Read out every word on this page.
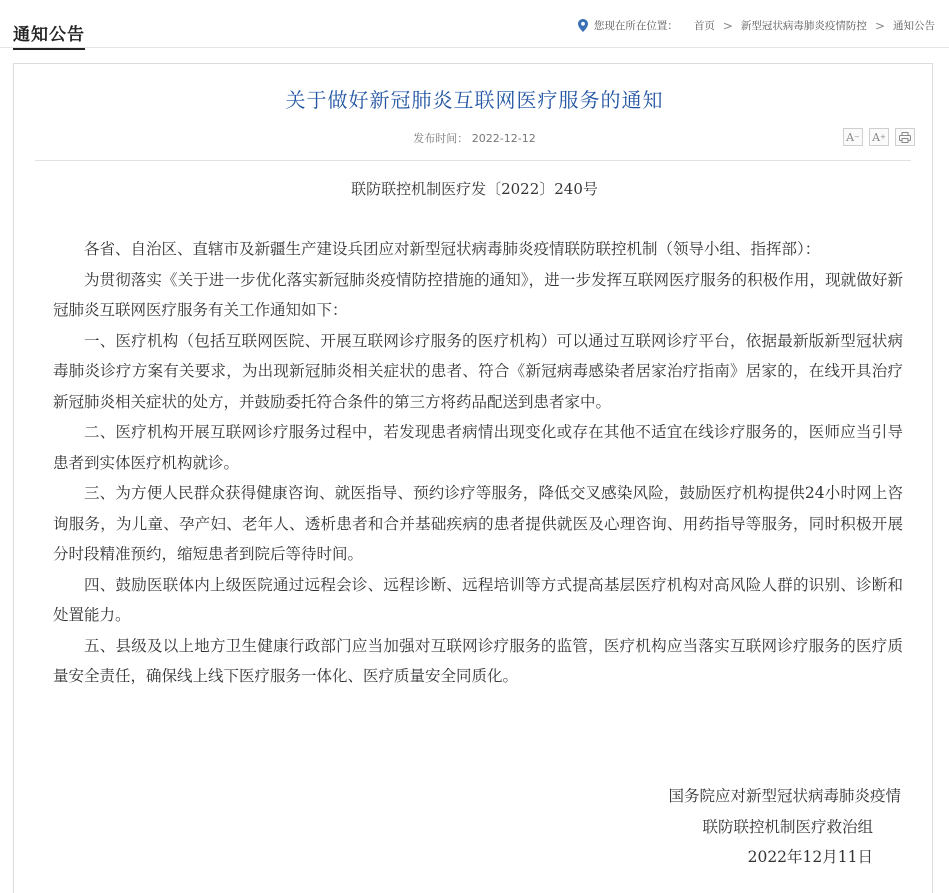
通知公告	您现在所在位置： 首页 > 新型冠状病毒肺炎疫情防控 > 通知公告
关于做好新冠肺炎互联网医疗服务的通知
发布时间： 2022-12-12	A − A +
联防联控机制医疗发〔2022〕240号

各省、自治区、直辖市及新疆生产建设兵团应对新型冠状病毒肺炎疫情联防联控机制（领导小组、指挥部）：

为贯彻落实《关于进一步优化落实新冠肺炎疫情防控措施的通知》，进一步发挥互联网医疗服务的积极作用，现就做好新冠肺炎互联网医疗服务有关工作通知如下：

一、医疗机构（包括互联网医院、开展互联网诊疗服务的医疗机构）可以通过互联网诊疗平台，依据最新版新型冠状病毒肺炎诊疗方案有关要求，为出现新冠肺炎相关症状的患者、符合《新冠病毒感染者居家治疗指南》居家的，在线开具治疗新冠肺炎相关症状的处方，并鼓励委托符合条件的第三方将药品配送到患者家中。

二、医疗机构开展互联网诊疗服务过程中，若发现患者病情出现变化或存在其他不适宜在线诊疗服务的，医师应当引导患者到实体医疗机构就诊。

三、为方便人民群众获得健康咨询、就医指导、预约诊疗等服务，降低交叉感染风险，鼓励医疗机构提供24小时网上咨询服务，为儿童、孕产妇、老年人、透析患者和合并基础疾病的患者提供就医及心理咨询、用药指导等服务，同时积极开展分时段精准预约，缩短患者到院后等待时间。

四、鼓励医联体内上级医院通过远程会诊、远程诊断、远程培训等方式提高基层医疗机构对高风险人群的识别、诊断和处置能力。

五、县级及以上地方卫生健康行政部门应当加强对互联网诊疗服务的监管，医疗机构应当落实互联网诊疗服务的医疗质量安全责任，确保线上线下医疗服务一体化、医疗质量安全同质化。

国务院应对新型冠状病毒肺炎疫情
联防联控机制医疗救治组
2022年12月11日
